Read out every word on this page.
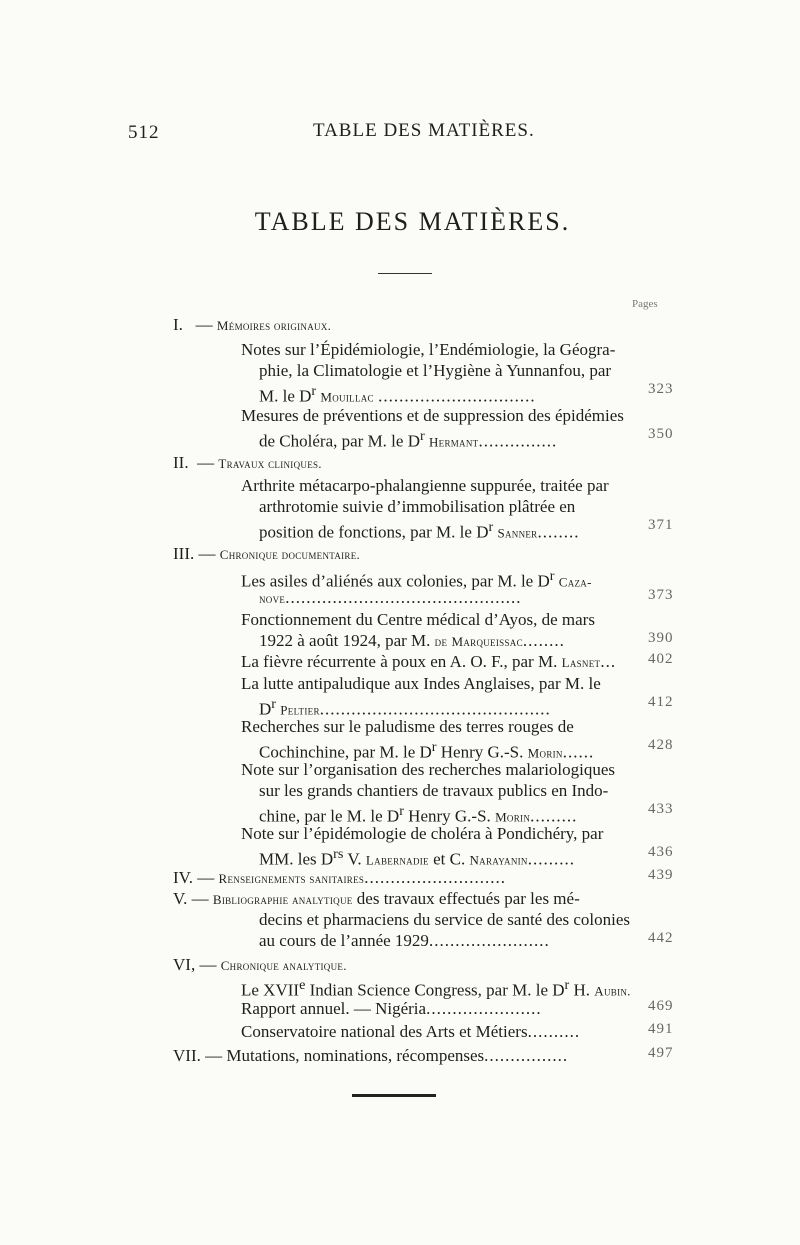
512	TABLE DES MATIÈRES.
TABLE DES MATIÈRES.
Pages
I. — Mémoires originaux.
Notes sur l’Épidémiologie, l’Endémiologie, la Géogra-
phie, la Climatologie et l’Hygiène à Yunnanfou, par
M. le $D^r$ Mouillac ..............................	323
Mesures de préventions et de suppression des épidémies
de Choléra, par M. le $D^r$ Hermant...............	350
II. — Travaux cliniques.
Arthrite métacarpo-phalangienne suppurée, traitée par
arthrotomie suivie d’immobilisation plâtrée en
position de fonctions, par M. le $D^r$ Sanner........	371
III. — Chronique documentaire.
Les asiles d’aliénés aux colonies, par M. le $D^r$ Caza-
nove.............................................	373
Fonctionnement du Centre médical d’Ayos, de mars
1922 à août 1924, par M. de Marqueissac........	390
La fièvre récurrente à poux en A. O. F., par M. Lasnet... 402
La lutte antipaludique aux Indes Anglaises, par M. le
$D^r$ Peltier............................................	412
Recherches sur le paludisme des terres rouges de
Cochinchine, par M. le $D^r$ Henry G.-S. Morin......	428
Note sur l’organisation des recherches malariologiques
sur les grands chantiers de travaux publics en Indo-
chine, par le M. le $D^r$ Henry G.-S. Morin.........	433
Note sur l’épidémologie de choléra à Pondichéry, par
MM. les $D^{rs}$ V. Labernadie et C. Narayanin.........	436
IV. — Renseignements sanitaires...........................	439
V. — Bibliographie analytique des travaux effectués par les mé-
decins et pharmaciens du service de santé des colonies
au cours de l’année 1929.......................	442
VI, — Chronique analytique.
Le XVIIe Indian Science Congress, par M. le $D^r$ H. Aubin.
Rapport annuel. — Nigéria......................	469
Conservatoire national des Arts et Métiers..........	491
VII. — Mutations, nominations, récompenses................	497
